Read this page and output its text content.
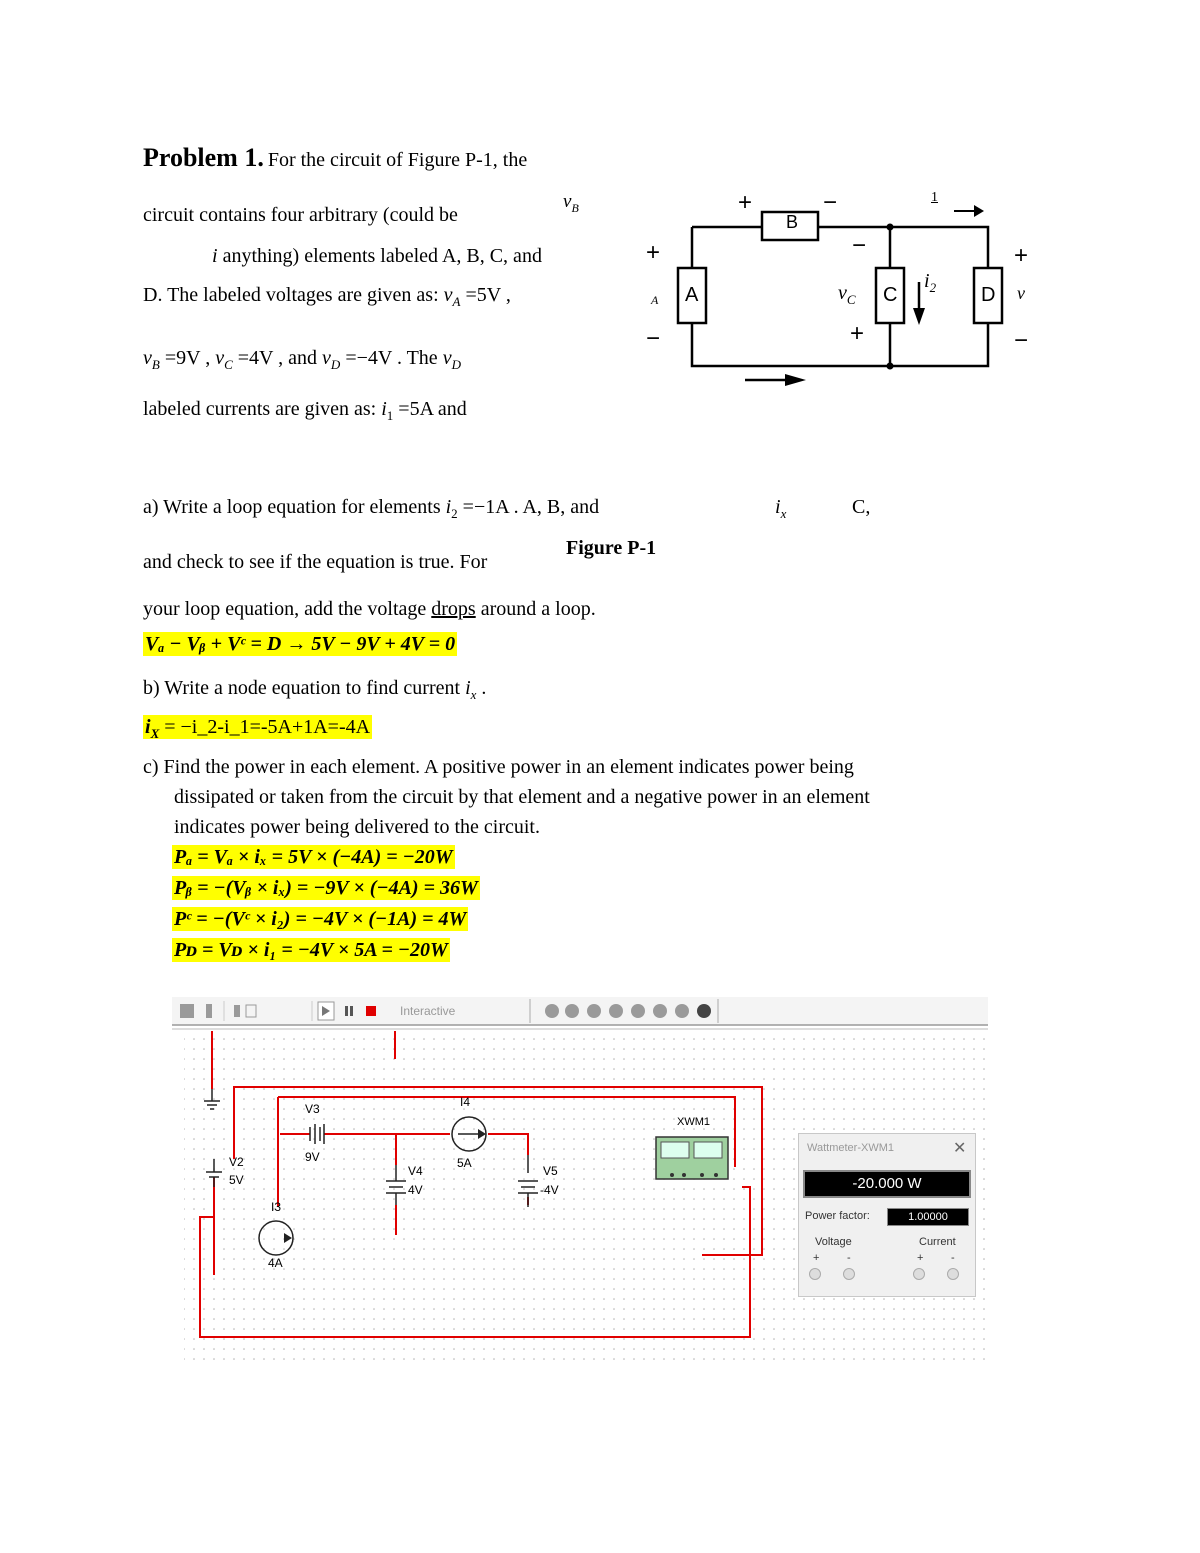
Problem 1. For the circuit of Figure P-1, the
circuit contains four arbitrary (could be
i anything) elements labeled A, B, C, and
D. The labeled voltages are given as: $v_A =5V$ ,
$v_B =9V$ , $v_C =4V$ , and $v_D =-4V$ . The $v_D$
labeled currents are given as: $i_1 =5A$ and
a) Write a loop equation for elements $i_2 =-1A$ . A, B, and	$i_x$	C,
and check to see if the equation is true. For
Figure P-1
your loop equation, add the voltage drops around a loop.
Vₐ − Vᵦ + Vᶜ = D → 5V − 9V + 4V = 0
b) Write a node equation to find current $i_x$ .
$i_X$ = −i_2-i_1=-5A+1A=-4A
c) Find the power in each element. A positive power in an element indicates power being
dissipated or taken from the circuit by that element and a negative power in an element
indicates power being delivered to the circuit.
Pₐ = Vₐ × iₓ = 5V × (−4A) = −20W
Pᵦ = −(Vᵦ × iₓ) = −9V × (−4A) = 36W
Pᶜ = −(Vᶜ × i₂) = −4V × (−1A) = 4W
Pᴅ = Vᴅ × i₁ = −4V × 5A = −20W
$v_B$
B
A	C	D
+	−
+
−
−
+
+
−
A	$v_C$
$i_2$
1
v
Interactive
V3
9V
I4
5A
V2
5V
I3
4A
V4
4V
V5
-4V
XWM1
Wattmeter-XWM1	✕
-20.000 W
Power factor:	1.00000
Voltage	Current
+	-	+	-
